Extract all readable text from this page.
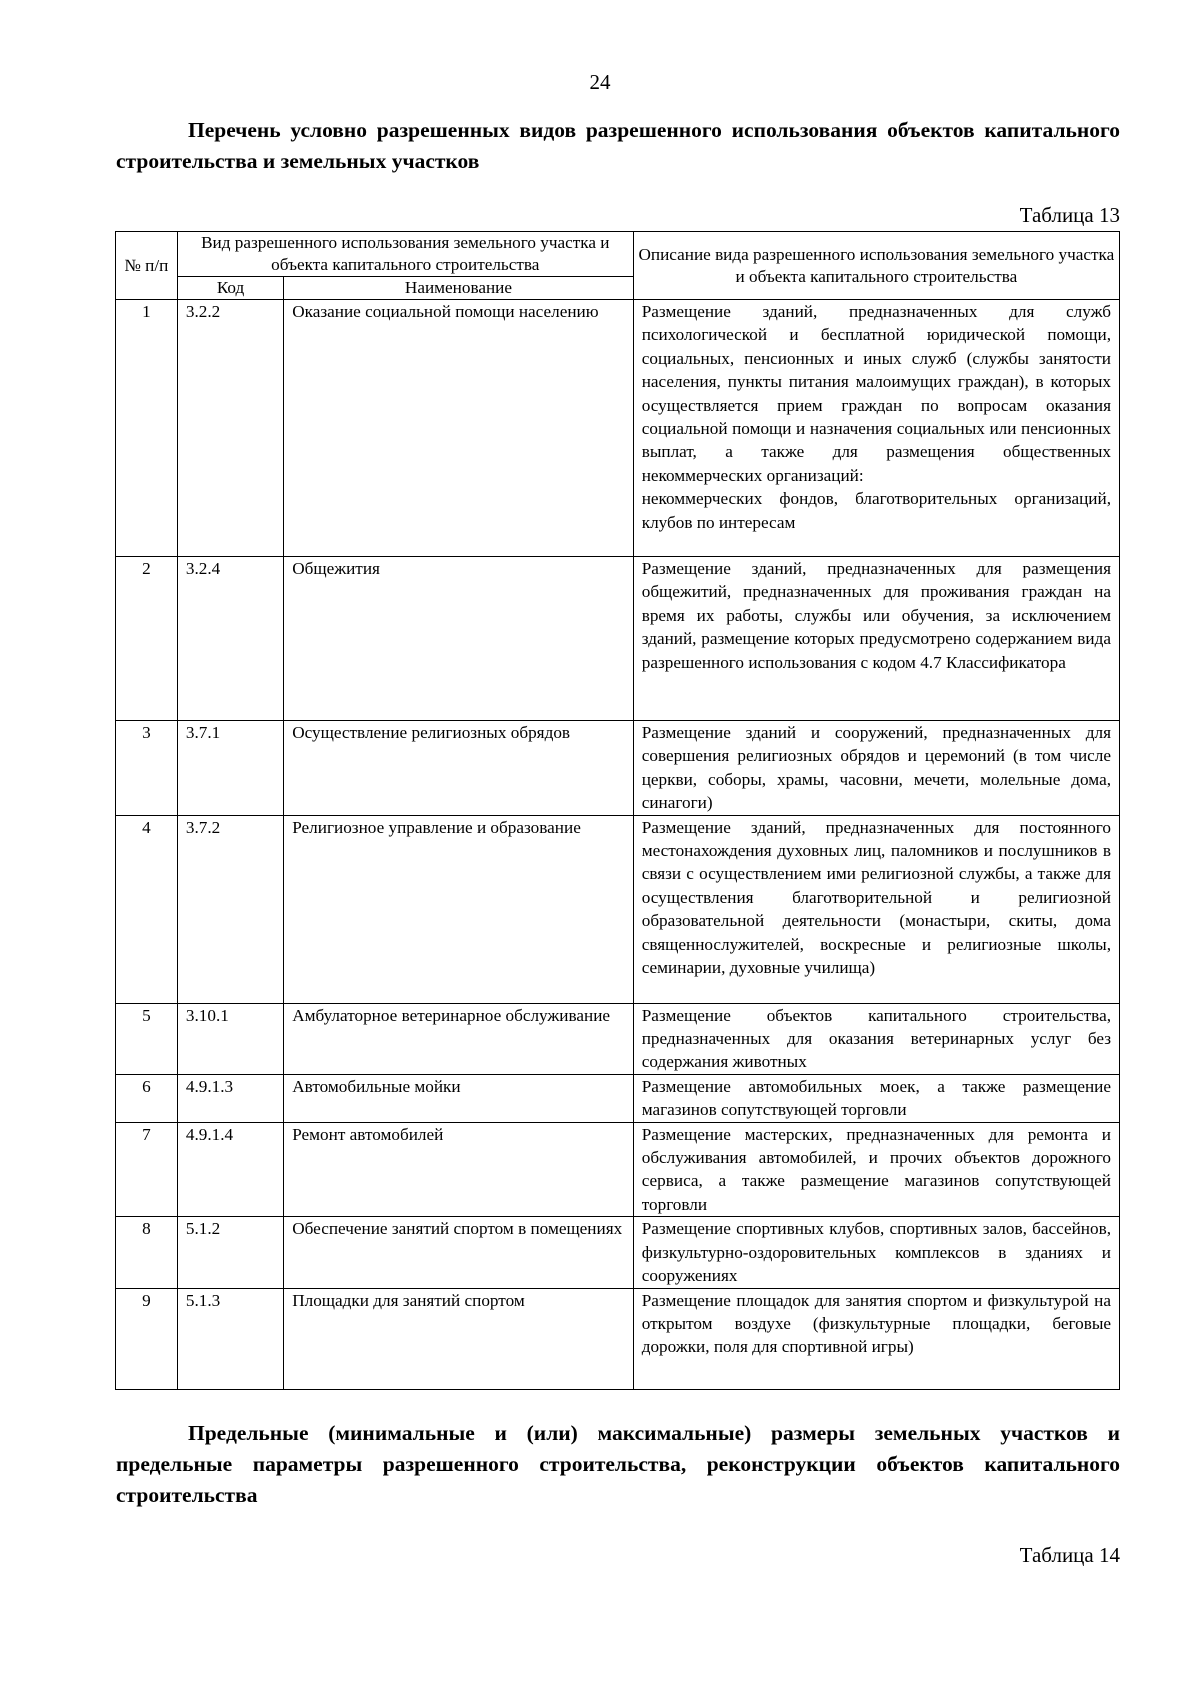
24
Перечень условно разрешенных видов разрешенного использования объектов капитального строительства и земельных участков
Таблица 13
№ п/п	Вид разрешенного использования земельного участка и объекта капитального строительства		Описание вида разрешенного использования земельного участка и объекта капитального строительства
	Код	Наименование	
1	3.2.2	Оказание социальной помощи населению	Размещение зданий, предназначенных для служб психологической и бесплатной юридической помощи, социальных, пенсионных и иных служб (службы занятости населения, пункты питания малоимущих граждан), в которых осуществляется прием граждан по вопросам оказания социальной помощи и назначения социальных или пенсионных выплат, а также для размещения общественных некоммерческих организаций:
некоммерческих фондов, благотворительных организаций, клубов по интересам

2	3.2.4	Общежития	Размещение зданий, предназначенных для размещения общежитий, предназначенных для проживания граждан на время их работы, службы или обучения, за исключением зданий, размещение которых предусмотрено содержанием вида разрешенного использования с кодом 4.7 Классификатора
3	3.7.1	Осуществление религиозных обрядов	Размещение зданий и сооружений, предназначенных для совершения религиозных обрядов и церемоний (в том числе церкви, соборы, храмы, часовни, мечети, молельные дома, синагоги)
4	3.7.2	Религиозное управление и образование	Размещение зданий, предназначенных для постоянного местонахождения духовных лиц, паломников и послушников в связи с осуществлением ими религиозной службы, а также для осуществления благотворительной и религиозной образовательной деятельности (монастыри, скиты, дома священнослужителей, воскресные и религиозные школы, семинарии, духовные училища)
5	3.10.1	Амбулаторное ветеринарное обслуживание	Размещение объектов капитального строительства, предназначенных для оказания ветеринарных услуг без содержания животных
6	4.9.1.3	Автомобильные мойки	Размещение автомобильных моек, а также размещение магазинов сопутствующей торговли
7	4.9.1.4	Ремонт автомобилей	Размещение мастерских, предназначенных для ремонта и обслуживания автомобилей, и прочих объектов дорожного сервиса, а также размещение магазинов сопутствующей торговли
8	5.1.2	Обеспечение занятий спортом в помещениях	Размещение спортивных клубов, спортивных залов, бассейнов, физкультурно-оздоровительных комплексов в зданиях и сооружениях
9	5.1.3	Площадки для занятий спортом	Размещение площадок для занятия спортом и физкультурой на открытом воздухе (физкультурные площадки, беговые дорожки, поля для спортивной игры)
Предельные (минимальные и (или) максимальные) размеры земельных участков и предельные параметры разрешенного строительства, реконструкции объектов капитального строительства
Таблица 14
